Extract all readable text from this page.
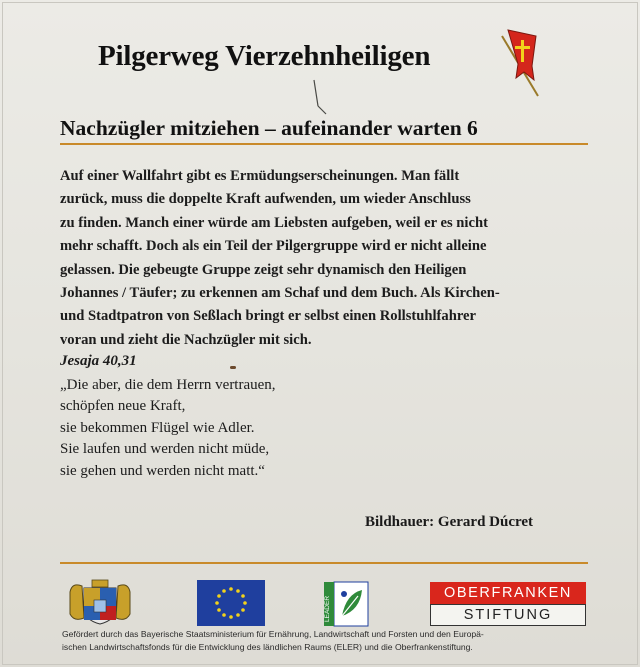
Pilgerweg Vierzehnheiligen
Nachzügler mitziehen – aufeinander warten 6
Auf einer Wallfahrt gibt es Ermüdungserscheinungen. Man fällt
zurück, muss die doppelte Kraft aufwenden, um wieder Anschluss
zu finden. Manch einer würde am Liebsten aufgeben, weil er es nicht
mehr schafft. Doch als ein Teil der Pilgergruppe wird er nicht alleine
gelassen. Die gebeugte Gruppe zeigt sehr dynamisch den Heiligen
Johannes / Täufer; zu erkennen am Schaf und dem Buch. Als Kirchen-
und Stadtpatron von Seßlach bringt er selbst einen Rollstuhlfahrer
voran und zieht die Nachzügler mit sich.
Jesaja 40,31
„Die aber, die dem Herrn vertrauen,
schöpfen neue Kraft,
sie bekommen Flügel wie Adler.
Sie laufen und werden nicht müde,
sie gehen und werden nicht matt.“
Bildhauer: Gerard Dúcret
LEADER
OBERFRANKEN
STIFTUNG
Gefördert durch das Bayerische Staatsministerium für Ernährung, Landwirtschaft und Forsten und den Europä-
ischen Landwirtschaftsfonds für die Entwicklung des ländlichen Raums (ELER) und die Oberfrankenstiftung.
